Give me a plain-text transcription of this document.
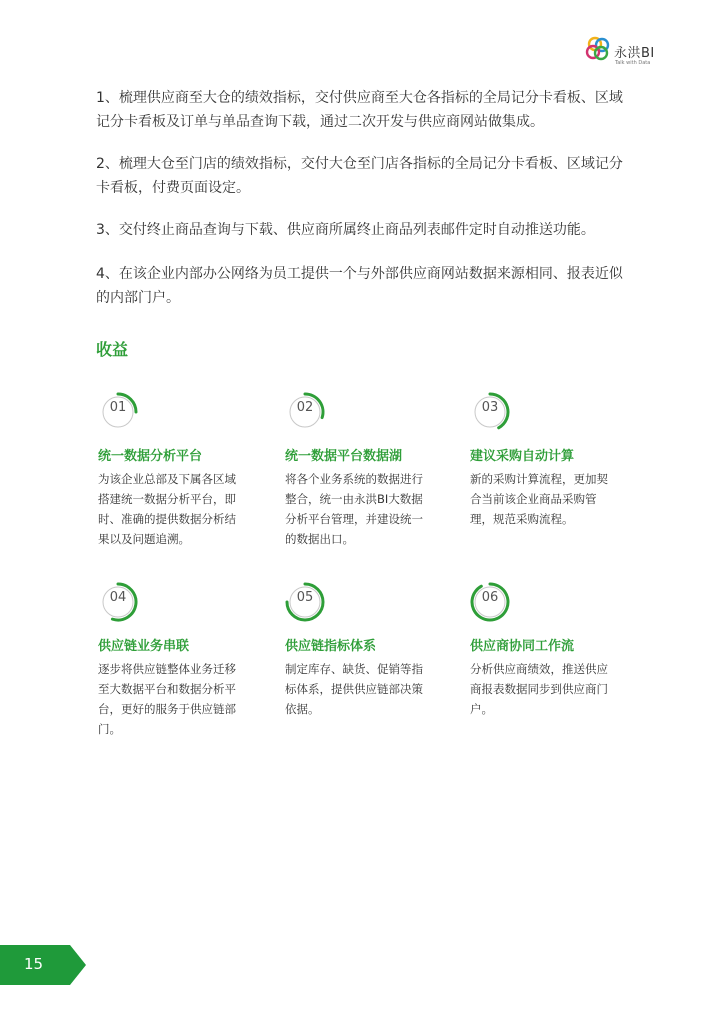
永洪BI
Talk with Data

1、梳理供应商至大仓的绩效指标，交付供应商至大仓各指标的全局记分卡看板、区域记分卡看板及订单与单品查询下载，通过二次开发与供应商网站做集成。

2、梳理大仓至门店的绩效指标，交付大仓至门店各指标的全局记分卡看板、区域记分卡看板，付费页面设定。

3、交付终止商品查询与下载、供应商所属终止商品列表邮件定时自动推送功能。

4、在该企业内部办公网络为员工提供一个与外部供应商网站数据来源相同、报表近似的内部门户。

收益
01
统一数据分析平台

为该企业总部及下属各区域搭建统一数据分析平台，即时、准确的提供数据分析结果以及问题追溯。

02
统一数据平台数据湖

将各个业务系统的数据进行整合，统一由永洪BI大数据分析平台管理，并建设统一的数据出口。

03
建议采购自动计算

新的采购计算流程，更加契合当前该企业商品采购管理，规范采购流程。

04
供应链业务串联

逐步将供应链整体业务迁移至大数据平台和数据分析平台，更好的服务于供应链部门。

05
供应链指标体系

制定库存、缺货、促销等指标体系，提供供应链部决策依据。

06
供应商协同工作流

分析供应商绩效，推送供应商报表数据同步到供应商门户。

15
